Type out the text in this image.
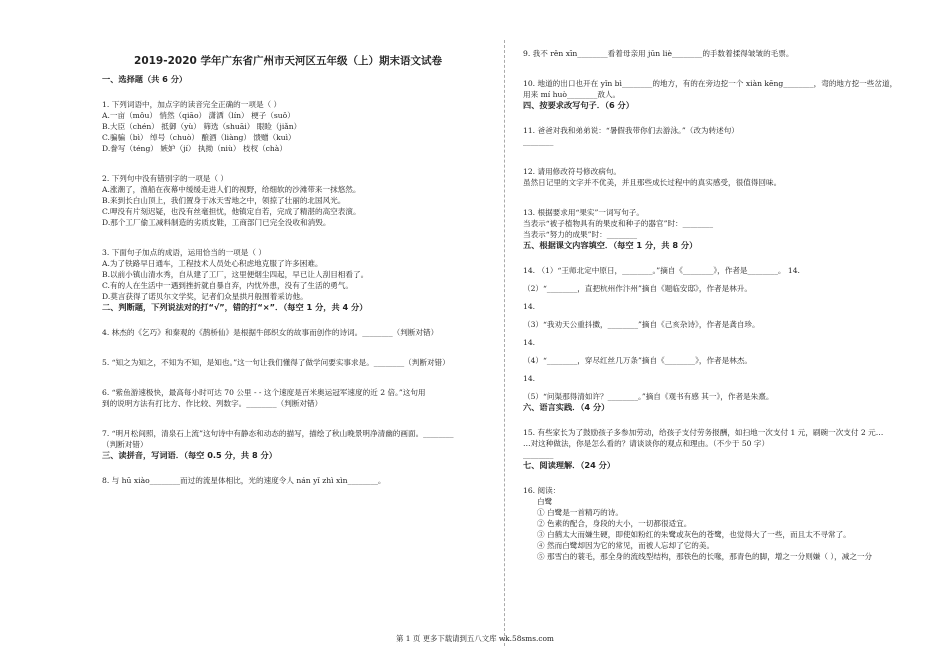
2019-2020 学年广东省广州市天河区五年级（上）期末语文试卷
一、选择题（共 6 分）
1. 下列词语中，加点字的读音完全正确的一项是（ ）
A.一亩（môu） 悄然（qiāo） 潇洒（lín） 梗子（suǒ）
B.大臣（chén） 抵御（yù） 筛选（shuāi） 眼睑（jiǎn）
C.骗骗（bì） 绰号（chuò） 酿酒（liàng） 馈赠（kuì）
D.誊写（téng） 嫉妒（jí） 执拗（niù） 枝杈（chà）
2. 下列句中没有错别字的一项是（ ）
A.涨潮了，渔船在夜幕中缓缓走进人们的视野，给细软的沙滩带来一抹悠然。
B.来到长白山顶上，我们置身于冰天雪地之中，领掠了壮丽的北国风光。
C.呷没有片刻迟疑，也没有丝毫担忧，他镇定自若，完成了精湛的高空表演。
D.那个工厂偷工减料制造的劣质皮鞋，工商部门已完全没收和消毁。
3. 下面句子加点的成语，运用恰当的一项是（ ）
A.为了铁路早日通车，工程技术人员处心积虑地克服了许多困难。
B.以前小镇山清水秀，自从建了工厂，这里便烟尘四起，早已让人刮目相看了。
C.有的人在生活中一遇到挫折就自暴自弃，内忧外患，没有了生活的勇气。
D.莫言获得了诺贝尔文学奖，记者们众星拱月般围着采访他。
二、判断题，下列说法对的打“√”，错的打“×”．（每空 1 分，共 4 分）
4. 林杰的《乞巧》和秦观的《鹊桥仙》是根据牛郎织女的故事而创作的诗词。________（判断对错）
5. “知之为知之，不知为不知，是知也。”这一句让我们懂得了做学问要实事求是。________（判断对错）
6. “紫鱼游速极快，最高每小时可达 70 公里 - - 这个速度是百米奥运冠军速度的近 2 倍。”这句用
到的说明方法有打比方、作比较、列数字。________（判断对错）
7. “明月松间照，清泉石上流”这句诗中有静态和动态的描写，描绘了秋山晚景明净清幽的画面。________
（判断对错）
三、读拼音，写词语．（每空 0.5 分，共 8 分）
8. 与 hū xiào________而过的流星体相比，光的速度令人 nán yǐ zhì xìn________。
9. 我不 rěn xīn________看着母亲用 jūn liè________的手数着揉得皱皱的毛票。
10. 地道的出口也开在 yǐn bì________的地方，有的在旁边挖一个 xiàn kēng________，弯的地方挖一些岔道，
用来 mí huò________敌人。
四、按要求改写句子．（6 分）
11. 爸爸对我和弟弟说：“暑假我带你们去游泳。”（改为转述句）
________
12. 请用修改符号修改病句。
虽然日记里的文字并不优美，并且那些成长过程中的真实感受，很值得回味。
13. 根据要求用“果实”一词写句子。
当表示“被子植物具有的果皮和种子的器官”时：________
当表示“努力的成果”时：________
五、根据课文内容填空．（每空 1 分，共 8 分）
14. （1）“王师北定中原日，________。”摘自《________》，作者是________。 14.
（2）“________，直把杭州作汴州”摘自《题临安邸》，作者是林升。
14.
（3）“我劝天公重抖擞，________”摘自《己亥杂诗》，作者是龚自珍。
14.
（4）“________，穿尽红丝几万条”摘自《________》，作者是林杰。
14.
（5）“问渠那得清如许？________。”摘自《观书有感 其一》，作者是朱熹。
六、语言实践．（4 分）
15. 有些家长为了鼓励孩子多参加劳动，给孩子支付劳务报酬，如扫地一次支付 1 元，刷碗一次支付 2 元…
…对这种做法，你是怎么看的？请谈谈你的观点和理由。（不少于 50 字）
________
七、阅读理解．（24 分）
16. 阅读：
白鹭
① 白鹭是一首精巧的诗。
② 色素的配合，身段的大小，一切都很适宜。
③ 白鹤太大而嫌生硬，即使如粉红的朱鹭或灰色的苍鹭，也觉得大了一些，而且太不寻常了。
④ 然而白鹭却因为它的常见，而被人忘却了它的美。
⑤ 那雪白的蓑毛，那全身的流线型结构，那铁色的长喙，那青色的脚，增之一分则嫌（ ），减之一分
第 1 页 更多下载请到五八文库 wk.58sms.com
